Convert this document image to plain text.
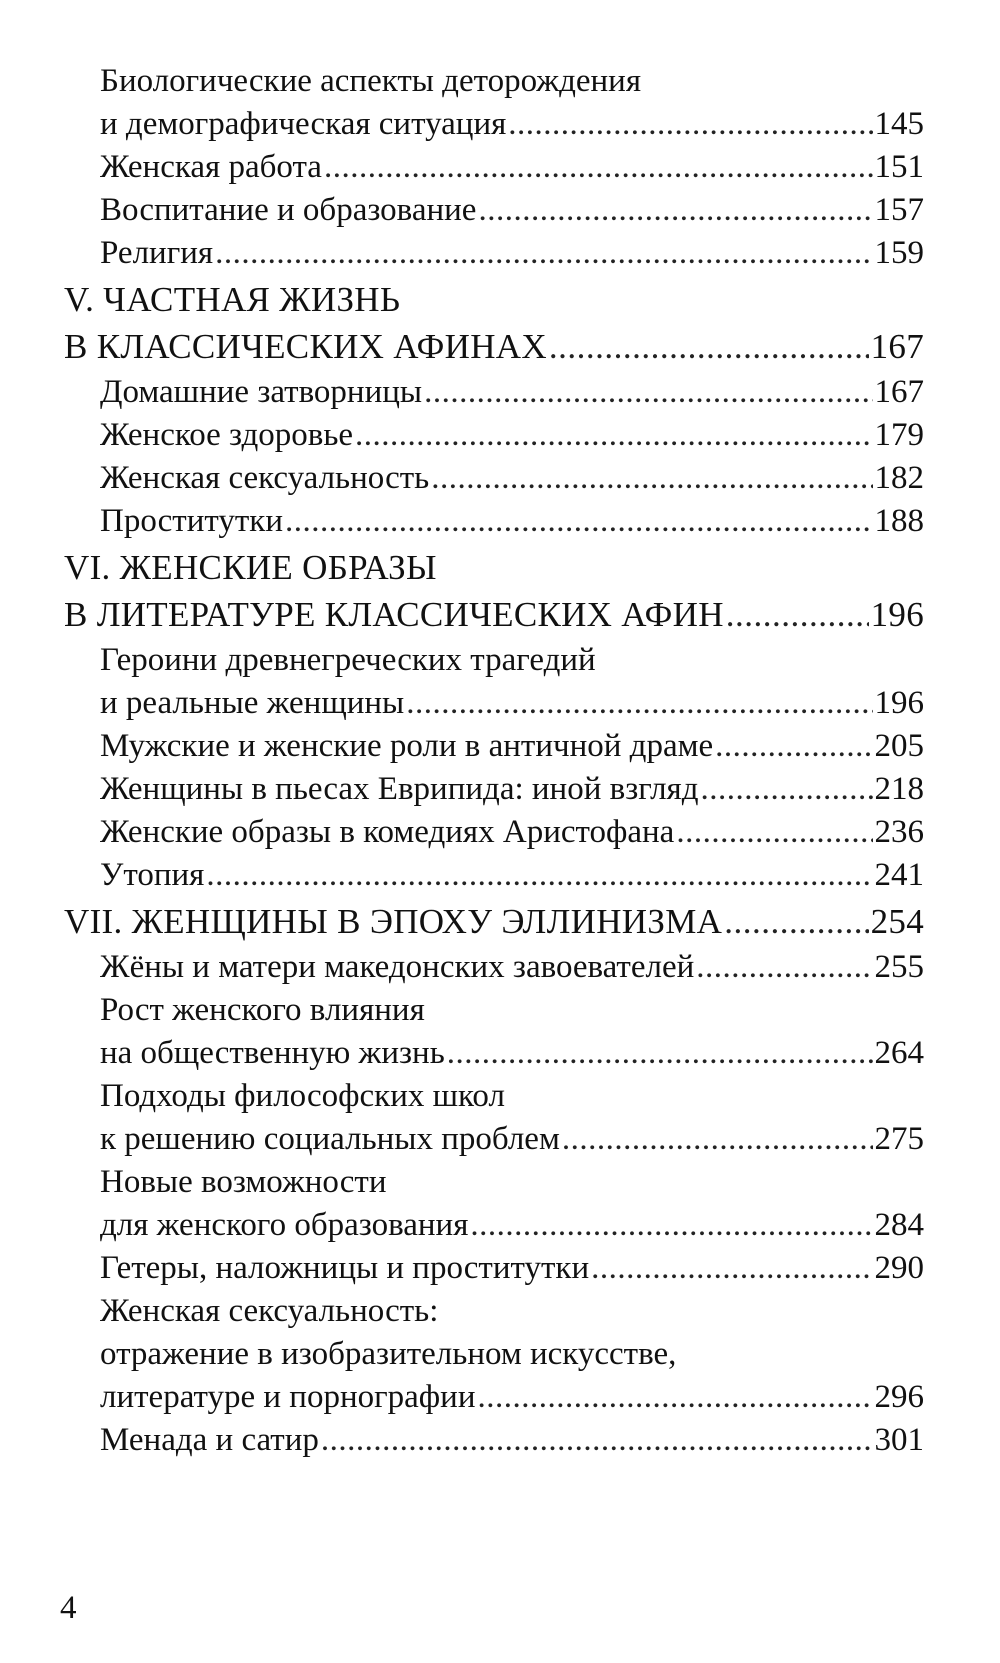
Биологические аспекты деторождения
и демографическая ситуация .....	145
Женская работа .....	151
Воспитание и образование .....	157
Религия .....	159
V. ЧАСТНАЯ ЖИЗНЬ
В КЛАССИЧЕСКИХ АФИНАХ .....	167
Домашние затворницы .....	167
Женское здоровье .....	179
Женская сексуальность .....	182
Проститутки .....	188
VI. ЖЕНСКИЕ ОБРАЗЫ
В ЛИТЕРАТУРЕ КЛАССИЧЕСКИХ АФИН .....	196
Героини древнегреческих трагедий
и реальные женщины .....	196
Мужские и женские роли в античной драме .....	205
Женщины в пьесах Еврипида: иной взгляд .....	218
Женские образы в комедиях Аристофана .....	236
Утопия .....	241
VII. ЖЕНЩИНЫ В ЭПОХУ ЭЛЛИНИЗМА .....	254
Жёны и матери македонских завоевателей .....	255
Рост женского влияния
на общественную жизнь .....	264
Подходы философских школ
к решению социальных проблем .....	275
Новые возможности
для женского образования .....	284
Гетеры, наложницы и проститутки .....	290
Женская сексуальность:
отражение в изобразительном искусстве,
литературе и порнографии .....	296
Менада и сатир .....	301
4
